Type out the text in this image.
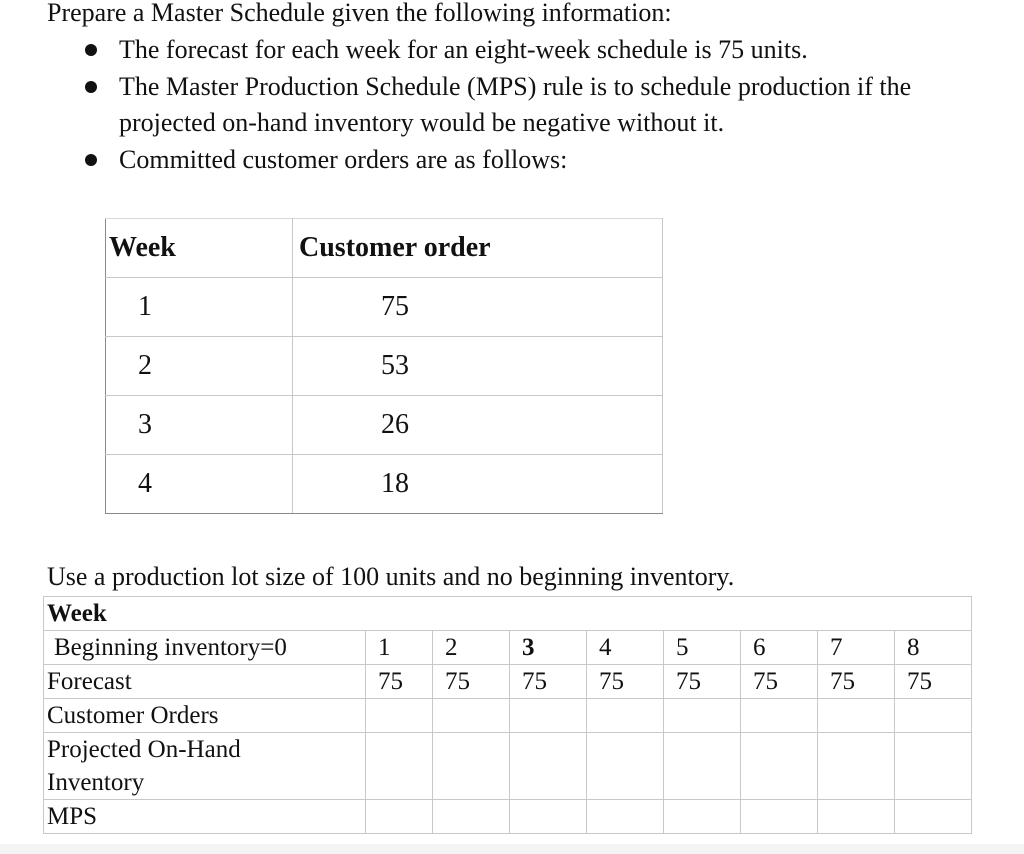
Prepare a Master Schedule given the following information:

The forecast for each week for an eight-week schedule is 75 units.
The Master Production Schedule (MPS) rule is to schedule production if the
projected on-hand inventory would be negative without it.
Committed customer orders are as follows:
Week	Customer order
1	75
2	53
3	26
4	18

Use a production lot size of 100 units and no beginning inventory.

Week								
Beginning inventory=0	1	2	3	4	5	6	7	8
Forecast	75	75	75	75	75	75	75	75
Customer Orders								
Projected On-Hand
Inventory								
MPS								
